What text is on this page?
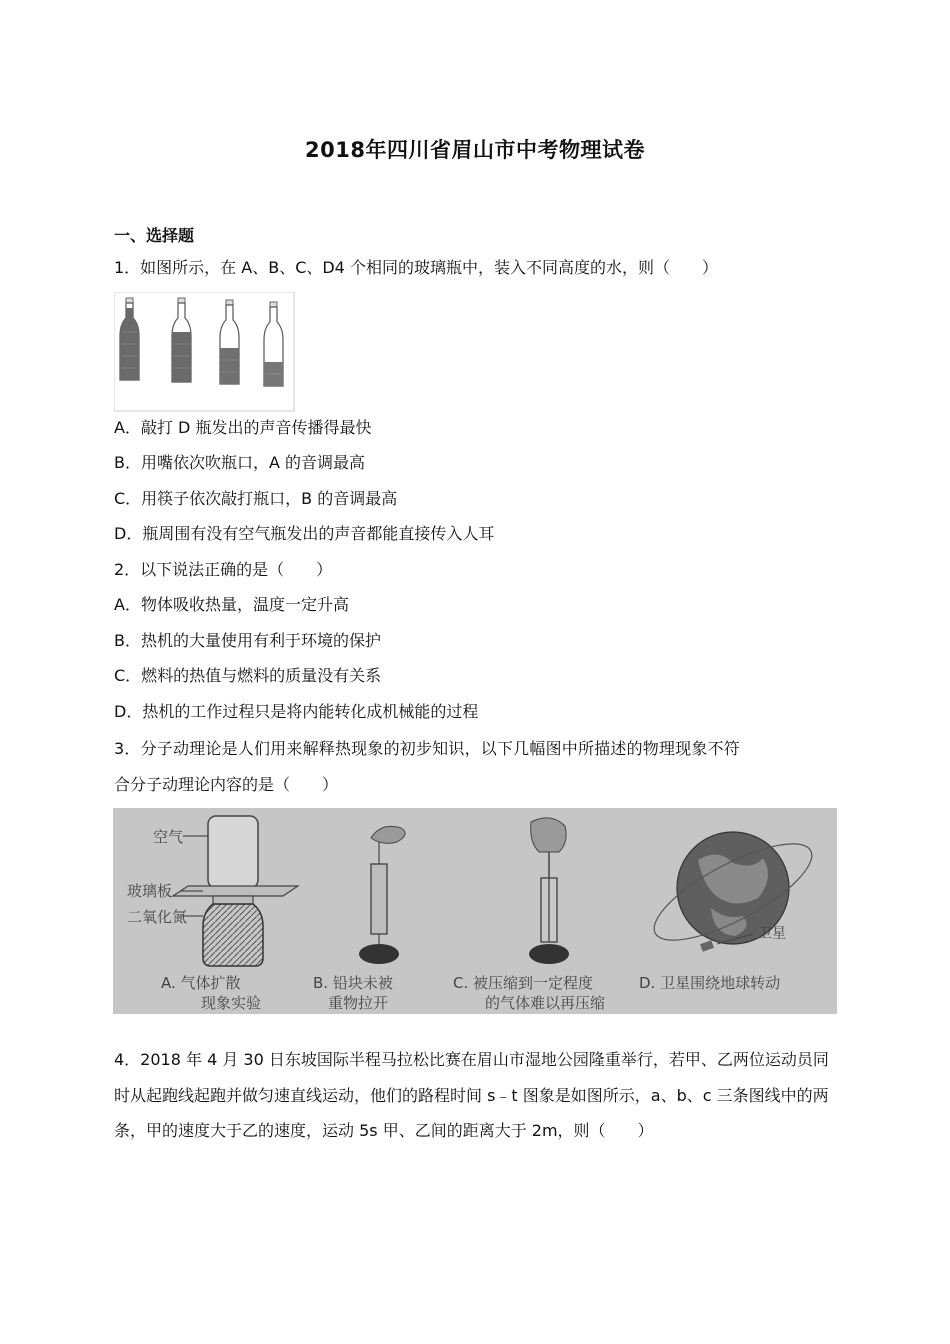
2018年四川省眉山市中考物理试卷
一、选择题
1．如图所示，在 A、B、C、D4 个相同的玻璃瓶中，装入不同高度的水，则（　　）
A．敲打 D 瓶发出的声音传播得最快
B．用嘴依次吹瓶口，A 的音调最高
C．用筷子依次敲打瓶口，B 的音调最高
D．瓶周围有没有空气瓶发出的声音都能直接传入人耳
2．以下说法正确的是（　　）
A．物体吸收热量，温度一定升高
B．热机的大量使用有利于环境的保护
C．燃料的热值与燃料的质量没有关系
D．热机的工作过程只是将内能转化成机械能的过程
3．分子动理论是人们用来解释热现象的初步知识，以下几幅图中所描述的物理现象不符
合分子动理论内容的是（　　）
空气
玻璃板
二氧化氮
A. 气体扩散
现象实验
B. 铅块未被
重物拉开
C. 被压缩到一定程度
的气体难以再压缩
卫星
D. 卫星围绕地球转动
4．2018 年 4 月 30 日东坡国际半程马拉松比赛在眉山市湿地公园隆重举行，若甲、乙两位运动员同时从起跑线起跑并做匀速直线运动，他们的路程时间 s﹣t 图象是如图所示，a、b、c 三条图线中的两条，甲的速度大于乙的速度，运动 5s 甲、乙间的距离大于 2m，则（　　）
